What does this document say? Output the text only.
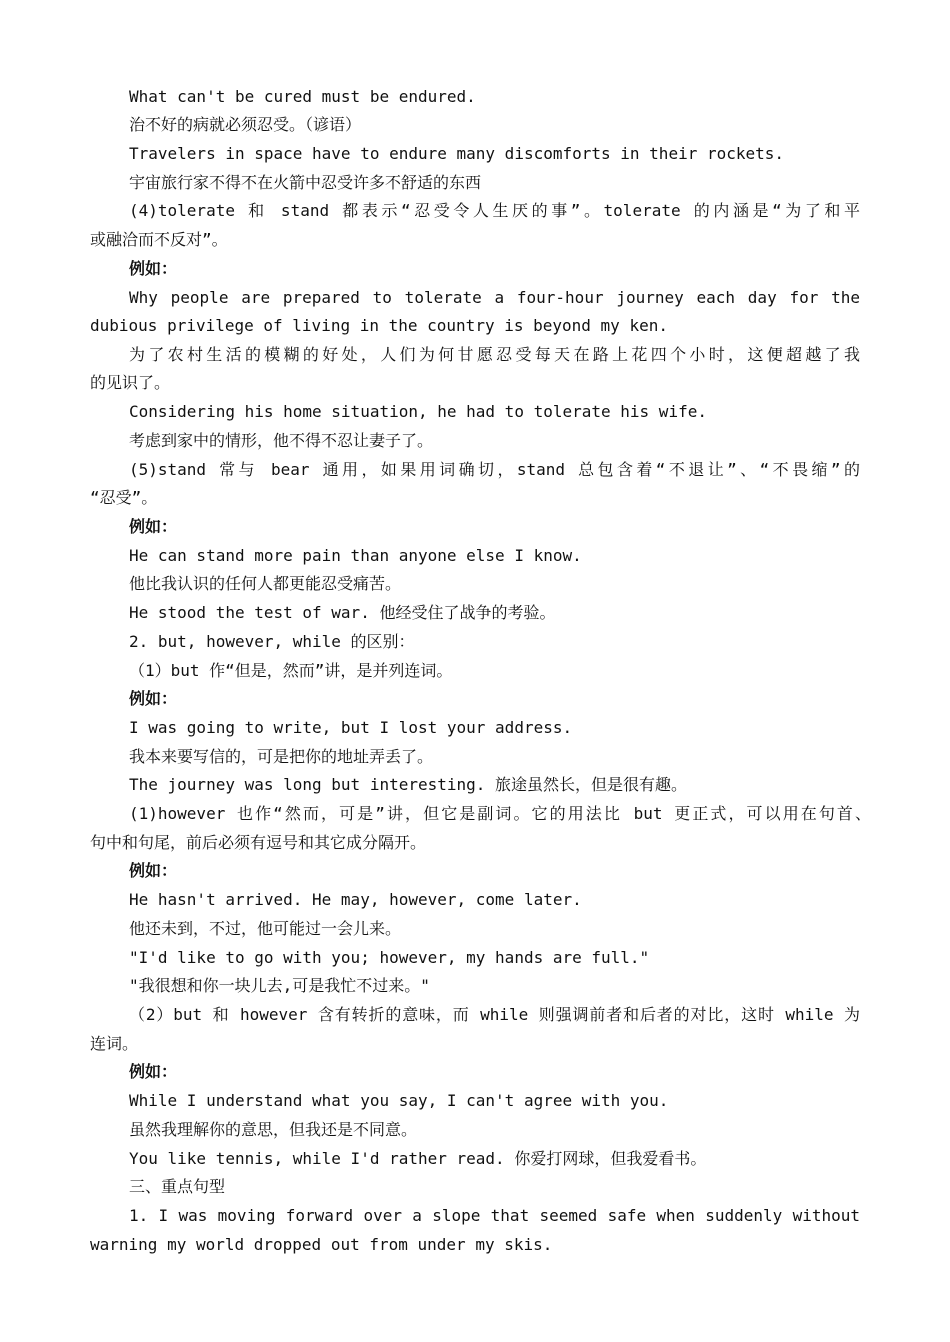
What can't be cured must be endured.
治不好的病就必须忍受。（谚语）
Travelers in space have to endure many discomforts in their rockets.
宇宙旅行家不得不在火箭中忍受许多不舒适的东西
(4)tolerate 和 stand 都表示“忍受令人生厌的事”。tolerate 的内涵是“为了和平
或融洽而不反对”。
例如：
Why people are prepared to tolerate a four-hour journey each day for the
dubious privilege of living in the country is beyond my ken.
为了农村生活的模糊的好处，人们为何甘愿忍受每天在路上花四个小时，这便超越了我
的见识了。
Considering his home situation, he had to tolerate his wife.
考虑到家中的情形，他不得不忍让妻子了。
(5)stand 常与 bear 通用，如果用词确切，stand 总包含着“不退让”、“不畏缩”的
“忍受”。
例如：
He can stand more pain than anyone else I know.
他比我认识的任何人都更能忍受痛苦。
He stood the test of war. 他经受住了战争的考验。
2. but, however, while 的区别：
（1）but 作“但是，然而”讲，是并列连词。
例如：
I was going to write, but I lost your address.
我本来要写信的，可是把你的地址弄丢了。
The journey was long but interesting. 旅途虽然长，但是很有趣。
(1)however 也作“然而，可是”讲，但它是副词。它的用法比 but 更正式，可以用在句首、
句中和句尾，前后必须有逗号和其它成分隔开。
例如：
He hasn't arrived. He may, however, come later.
他还未到，不过，他可能过一会儿来。
"I'd like to go with you; however, my hands are full."
"我很想和你一块儿去,可是我忙不过来。"
（2）but 和 however 含有转折的意味，而 while 则强调前者和后者的对比，这时 while 为
连词。
例如：
While I understand what you say, I can't agree with you.
虽然我理解你的意思，但我还是不同意。
You like tennis, while I'd rather read. 你爱打网球，但我爱看书。
三、重点句型
1. I was moving forward over a slope that seemed safe when suddenly without
warning my world dropped out from under my skis.
